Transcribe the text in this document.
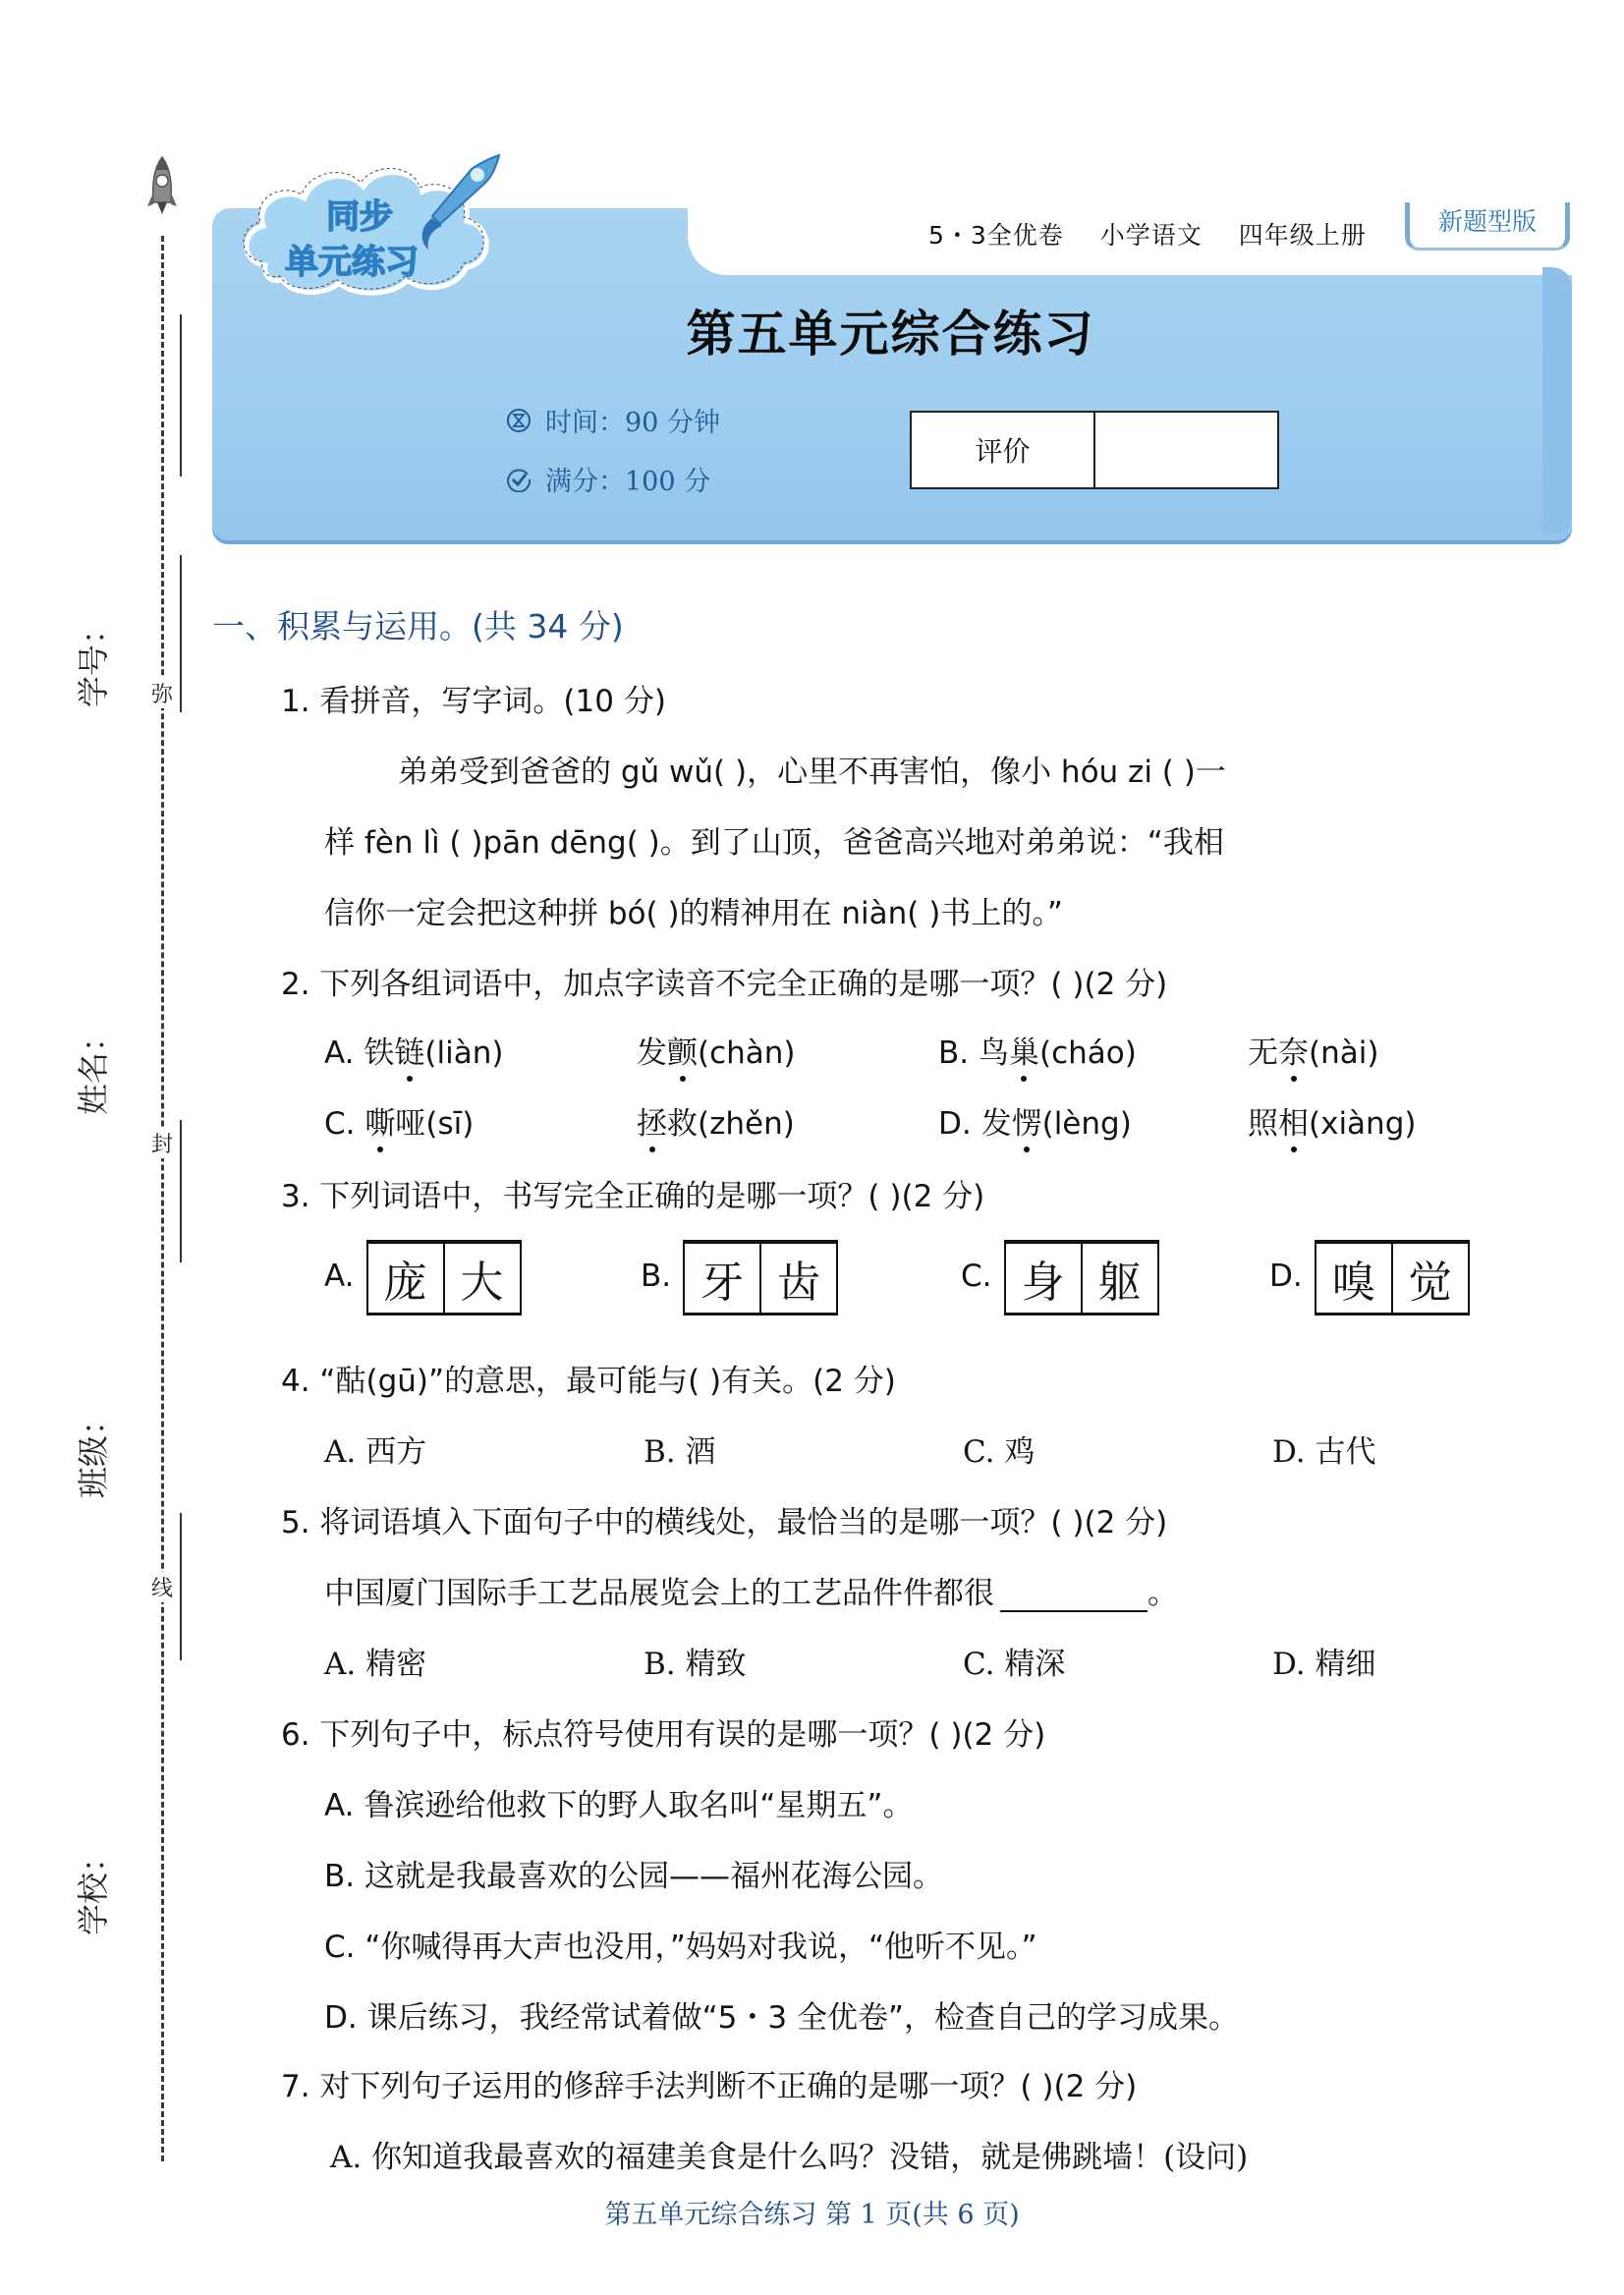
弥
封
线
学号：
姓名：
班级：
学校：
同步
单元练习
5・3全优卷 小学语文 四年级上册	新题型版
第五单元综合练习
时间：90 分钟
满分：100 分
评价
一、积累与运用。(共 34 分)
1. 看拼音，写字词。(10 分)
弟弟受到爸爸的 gǔ wǔ( )，心里不再害怕，像小 hóu zi ( )一
样 fèn lì ( )pān dēng( )。到了山顶，爸爸高兴地对弟弟说：“我相
信你一定会把这种拼 bó( )的精神用在 niàn( )书上的。”
2. 下列各组词语中，加点字读音不完全正确的是哪一项？( )(2 分)
A. 铁链(liàn)	发颤(chàn)	B. 鸟巢(cháo)	无奈(nài)
C. 嘶哑(sī)	拯救(zhěn)	D. 发愣(lèng)	照相(xiàng)
3. 下列词语中，书写完全正确的是哪一项？( )(2 分)
A. 庞 大	B. 牙 齿	C. 身 躯	D. 嗅 觉
4. “酤(gū)”的意思，最可能与( )有关。(2 分)
A. 西方	B. 酒	C. 鸡	D. 古代
5. 将词语填入下面句子中的横线处，最恰当的是哪一项？( )(2 分)
中国厦门国际手工艺品展览会上的工艺品件件都很	。
A. 精密	B. 精致	C. 精深	D. 精细
6. 下列句子中，标点符号使用有误的是哪一项？( )(2 分)
A. 鲁滨逊给他救下的野人取名叫“星期五”。
B. 这就是我最喜欢的公园——福州花海公园。
C. “你喊得再大声也没用，”妈妈对我说，“他听不见。”
D. 课后练习，我经常试着做“5・3 全优卷”，检查自己的学习成果。
7. 对下列句子运用的修辞手法判断不正确的是哪一项？( )(2 分)
A. 你知道我最喜欢的福建美食是什么吗？没错，就是佛跳墙！(设问)
第五单元综合练习 第 1 页(共 6 页)
